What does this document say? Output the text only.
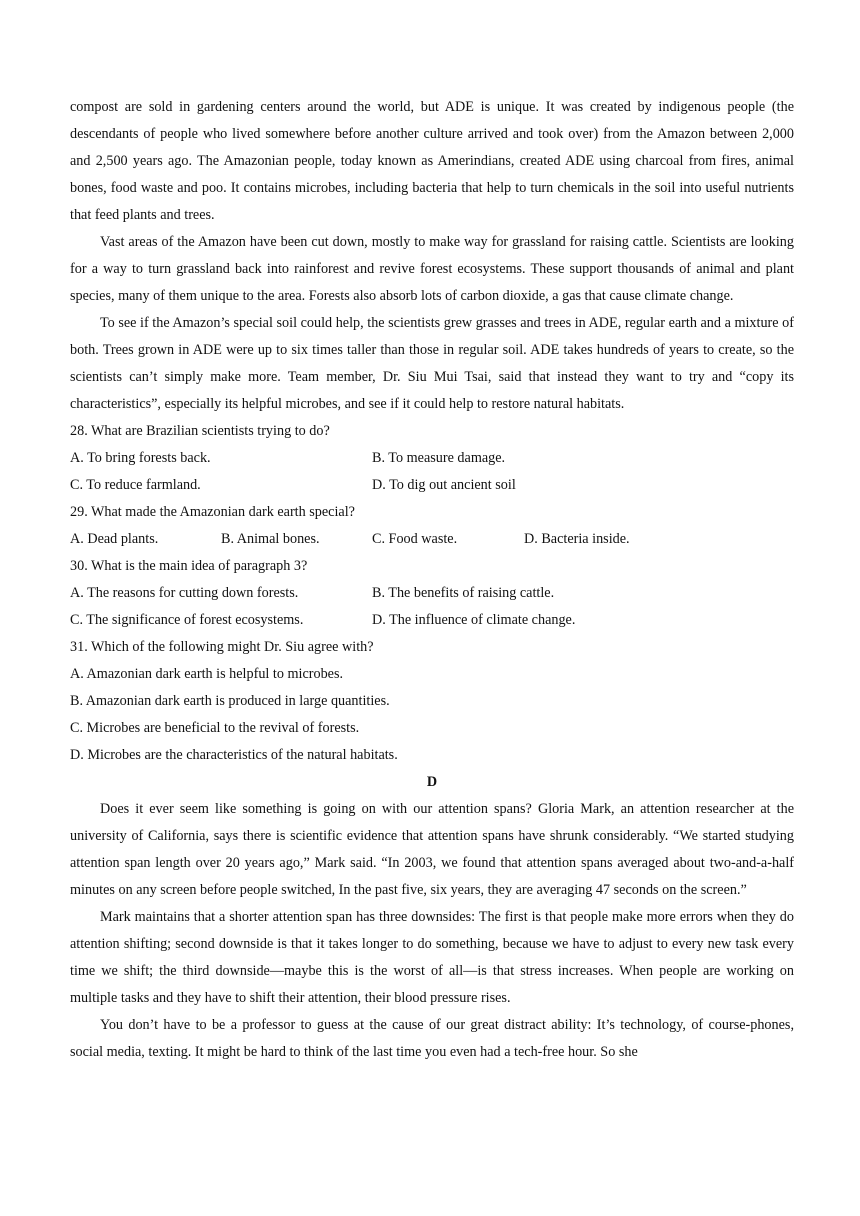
compost are sold in gardening centers around the world, but ADE is unique. It was created by indigenous people (the descendants of people who lived somewhere before another culture arrived and took over) from the Amazon between 2,000 and 2,500 years ago. The Amazonian people, today known as Amerindians, created ADE using charcoal from fires, animal bones, food waste and poo. It contains microbes, including bacteria that help to turn chemicals in the soil into useful nutrients that feed plants and trees.

Vast areas of the Amazon have been cut down, mostly to make way for grassland for raising cattle. Scientists are looking for a way to turn grassland back into rainforest and revive forest ecosystems. These support thousands of animal and plant species, many of them unique to the area. Forests also absorb lots of carbon dioxide, a gas that cause climate change.

To see if the Amazon’s special soil could help, the scientists grew grasses and trees in ADE, regular earth and a mixture of both. Trees grown in ADE were up to six times taller than those in regular soil. ADE takes hundreds of years to create, so the scientists can’t simply make more. Team member, Dr. Siu Mui Tsai, said that instead they want to try and “copy its characteristics”, especially its helpful microbes, and see if it could help to restore natural habitats.

28. What are Brazilian scientists trying to do?

A. To bring forests back.	B. To measure damage.
C. To reduce farmland.	D. To dig out ancient soil

29. What made the Amazonian dark earth special?

A. Dead plants.	B. Animal bones.	C. Food waste.	D. Bacteria inside.

30. What is the main idea of paragraph 3?

A. The reasons for cutting down forests.	B. The benefits of raising cattle.
C. The significance of forest ecosystems.	D. The influence of climate change.

31. Which of the following might Dr. Siu agree with?

A. Amazonian dark earth is helpful to microbes.

B. Amazonian dark earth is produced in large quantities.

C. Microbes are beneficial to the revival of forests.

D. Microbes are the characteristics of the natural habitats.

D

Does it ever seem like something is going on with our attention spans? Gloria Mark, an attention researcher at the university of California, says there is scientific evidence that attention spans have shrunk considerably. “We started studying attention span length over 20 years ago,” Mark said. “In 2003, we found that attention spans averaged about two-and-a-half minutes on any screen before people switched, In the past five, six years, they are averaging 47 seconds on the screen.”

Mark maintains that a shorter attention span has three downsides: The first is that people make more errors when they do attention shifting; second downside is that it takes longer to do something, because we have to adjust to every new task every time we shift; the third downside—maybe this is the worst of all—is that stress increases. When people are working on multiple tasks and they have to shift their attention, their blood pressure rises.

You don’t have to be a professor to guess at the cause of our great distract ability: It’s technology, of course-phones, social media, texting. It might be hard to think of the last time you even had a tech-free hour. So she
